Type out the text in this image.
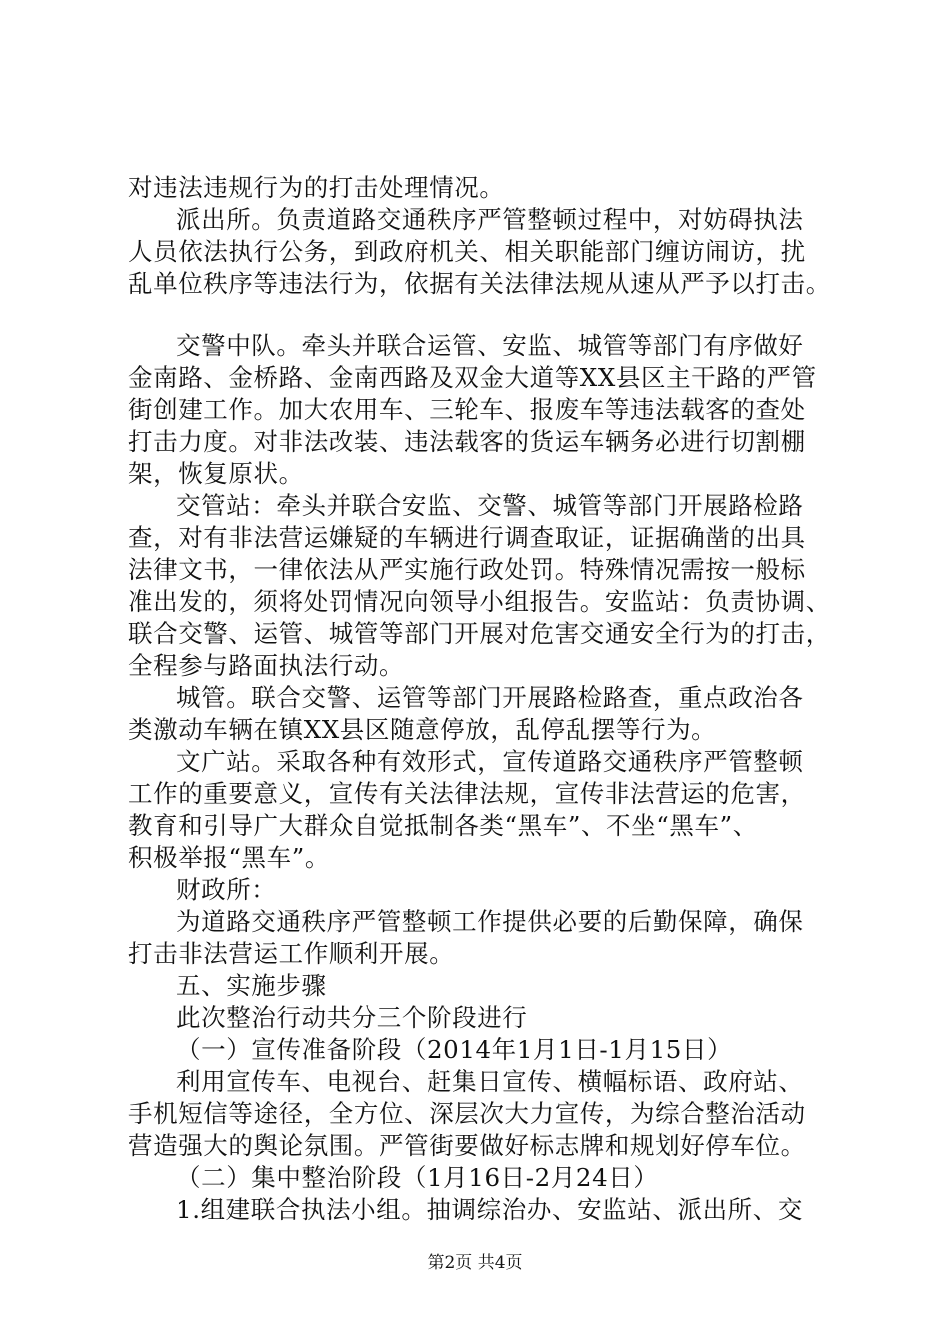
对违法违规行为的打击处理情况。
派出所。负责道路交通秩序严管整顿过程中，对妨碍执法
人员依法执行公务，到政府机关、相关职能部门缠访闹访，扰
乱单位秩序等违法行为，依据有关法律法规从速从严予以打击。
交警中队。牵头并联合运管、安监、城管等部门有序做好
金南路、金桥路、金南西路及双金大道等XX县区主干路的严管
街创建工作。加大农用车、三轮车、报废车等违法载客的查处
打击力度。对非法改装、违法载客的货运车辆务必进行切割棚
架，恢复原状。
交管站：牵头并联合安监、交警、城管等部门开展路检路
查，对有非法营运嫌疑的车辆进行调查取证，证据确凿的出具
法律文书，一律依法从严实施行政处罚。特殊情况需按一般标
准出发的，须将处罚情况向领导小组报告。安监站：负责协调、
联合交警、运管、城管等部门开展对危害交通安全行为的打击，
全程参与路面执法行动。
城管。联合交警、运管等部门开展路检路查，重点政治各
类激动车辆在镇XX县区随意停放，乱停乱摆等行为。
文广站。采取各种有效形式，宣传道路交通秩序严管整顿
工作的重要意义，宣传有关法律法规，宣传非法营运的危害，
教育和引导广大群众自觉抵制各类“黑车”、不坐“黑车”、
积极举报“黑车”。
财政所：
为道路交通秩序严管整顿工作提供必要的后勤保障，确保
打击非法营运工作顺利开展。
五、实施步骤
此次整治行动共分三个阶段进行
（一）宣传准备阶段（2014年1月1日-1月15日）
利用宣传车、电视台、赶集日宣传、横幅标语、政府站、
手机短信等途径，全方位、深层次大力宣传，为综合整治活动
营造强大的舆论氛围。严管街要做好标志牌和规划好停车位。
（二）集中整治阶段（1月16日-2月24日）
1.组建联合执法小组。抽调综治办、安监站、派出所、交
第2页 共4页
